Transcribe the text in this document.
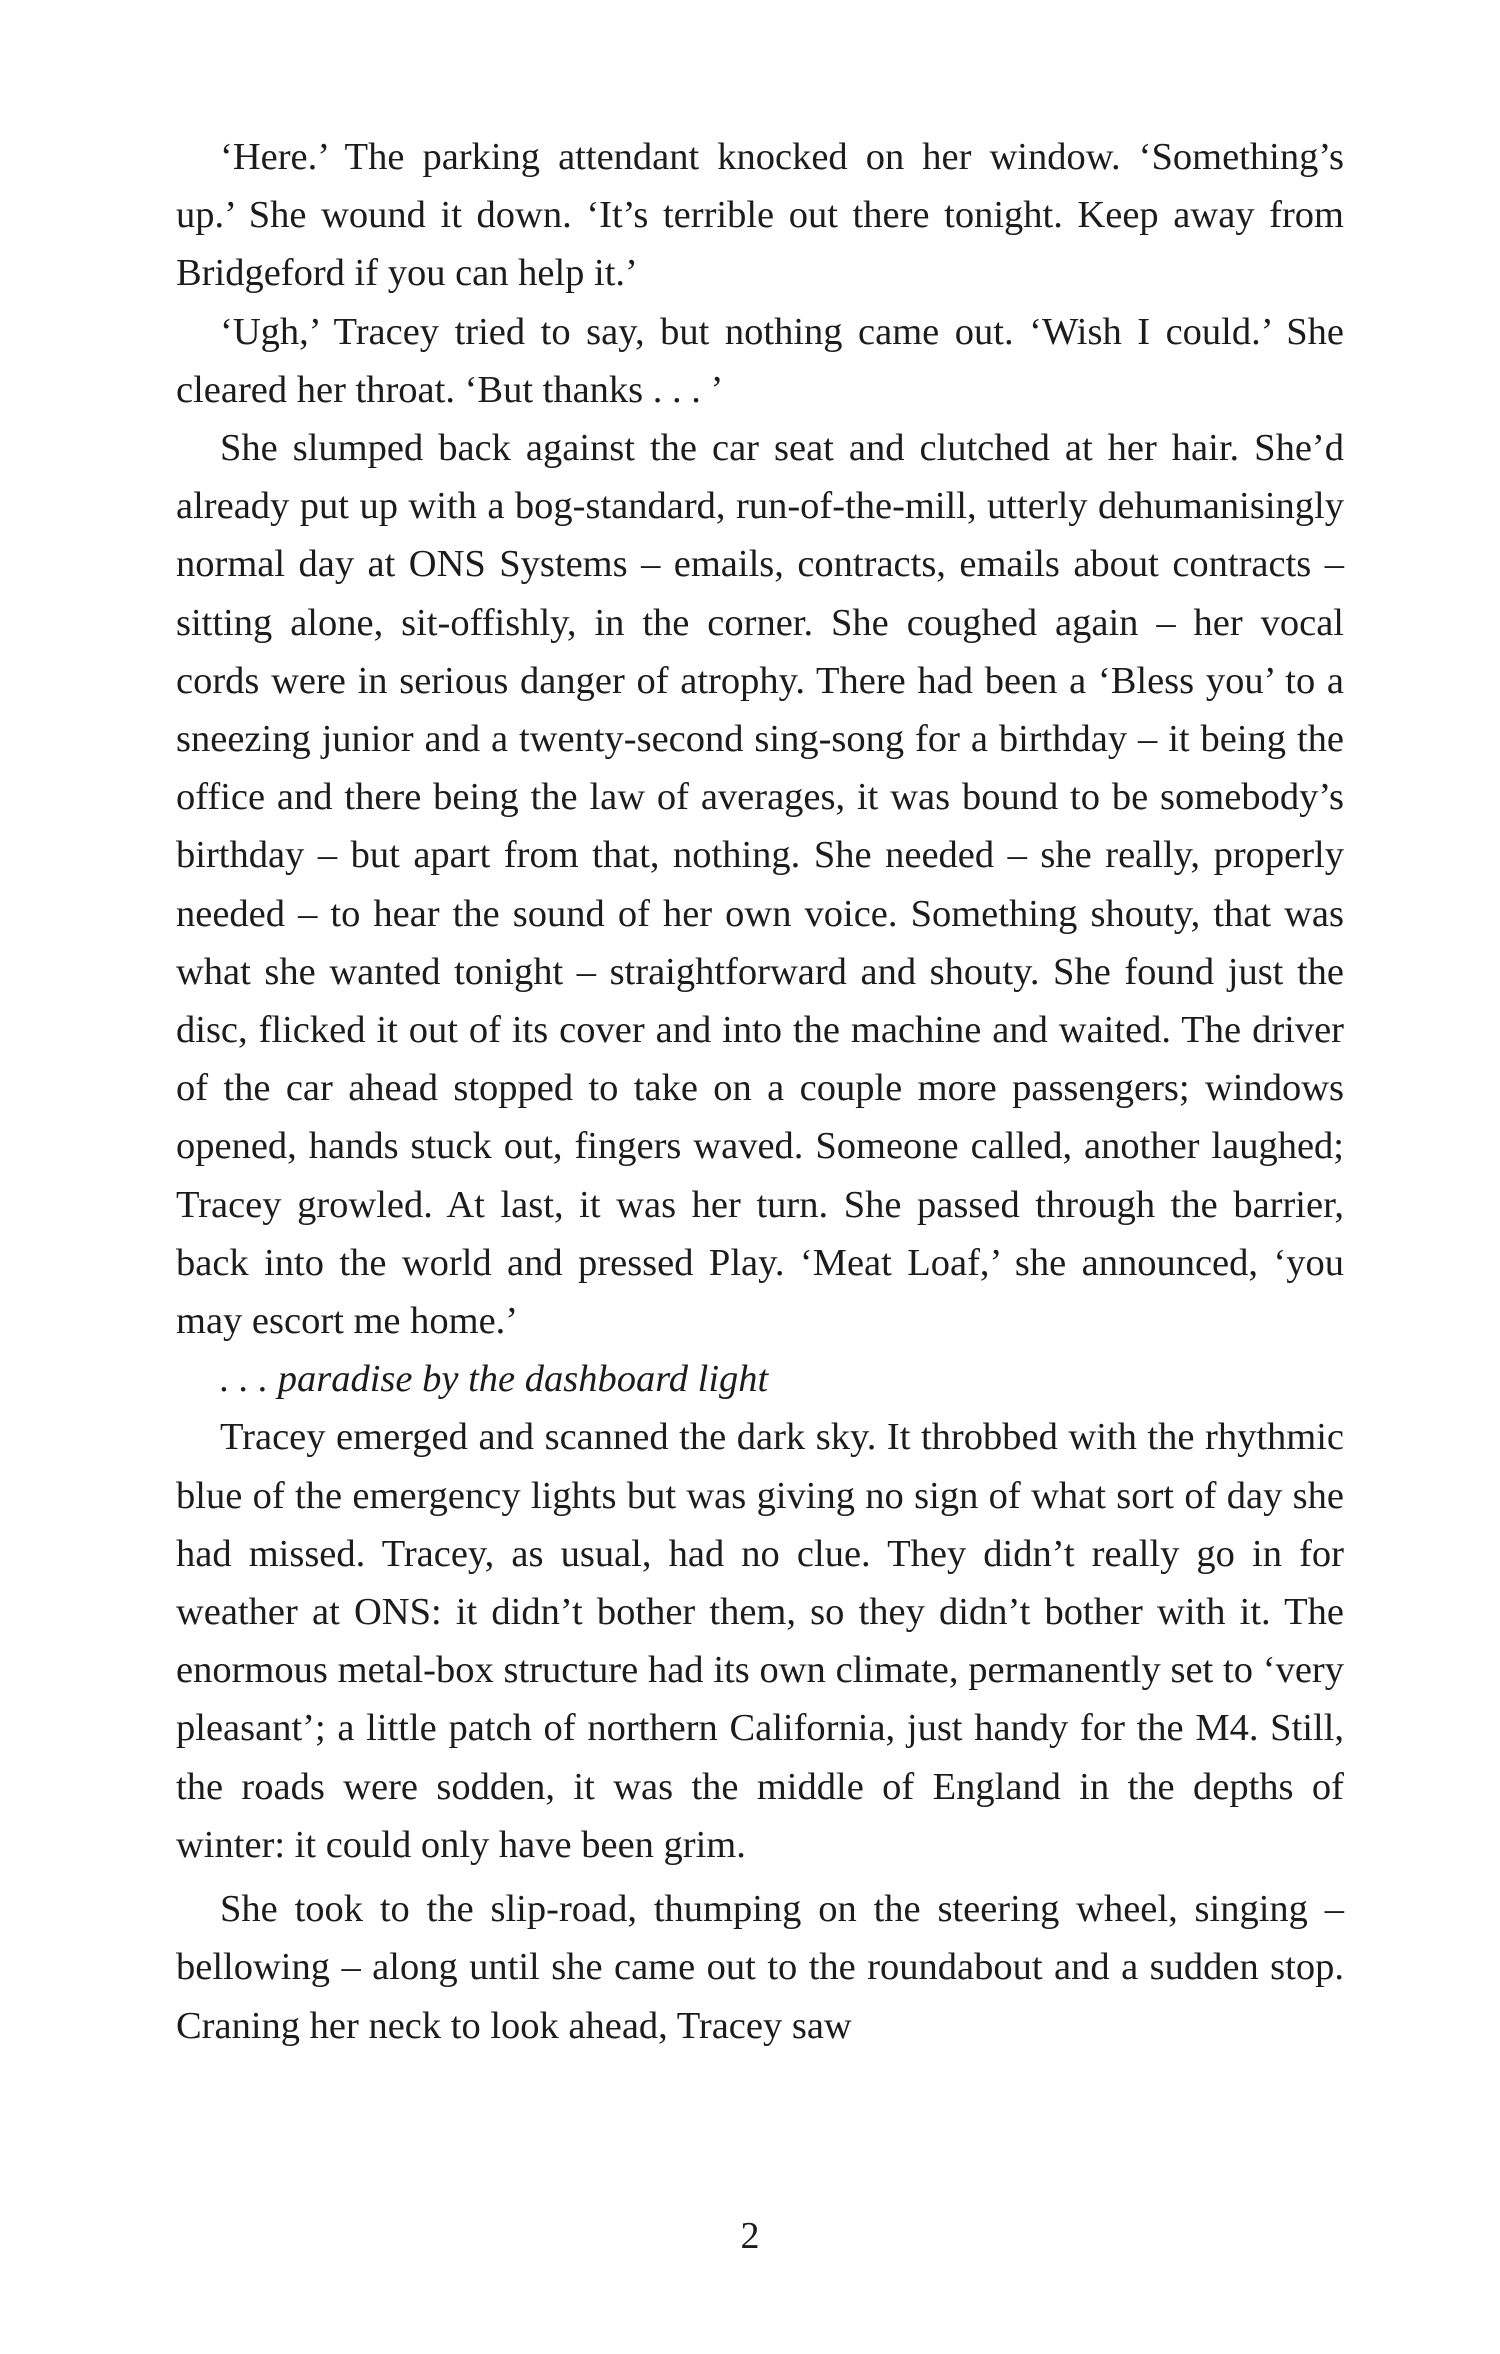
‘Here.’ The parking attendant knocked on her window. ‘Something’s up.’ She wound it down. ‘It’s terrible out there tonight. Keep away from Bridgeford if you can help it.’

‘Ugh,’ Tracey tried to say, but nothing came out. ‘Wish I could.’ She cleared her throat. ‘But thanks . . . ’

She slumped back against the car seat and clutched at her hair. She’d already put up with a bog-standard, run-of-the-mill, utterly dehumanisingly normal day at ONS Systems – emails, contracts, emails about contracts – sitting alone, sit-offishly, in the corner. She coughed again – her vocal cords were in serious danger of atrophy. There had been a ‘Bless you’ to a sneezing junior and a twenty-second sing-song for a birthday – it being the office and there being the law of averages, it was bound to be somebody’s birthday – but apart from that, nothing. She needed – she really, properly needed – to hear the sound of her own voice. Something shouty, that was what she wanted tonight – straightforward and shouty. She found just the disc, flicked it out of its cover and into the machine and waited. The driver of the car ahead stopped to take on a couple more passengers; windows opened, hands stuck out, fingers waved. Someone called, another laughed; Tracey growled. At last, it was her turn. She passed through the barrier, back into the world and pressed Play. ‘Meat Loaf,’ she announced, ‘you may escort me home.’

. . . paradise by the dashboard light

Tracey emerged and scanned the dark sky. It throbbed with the rhythmic blue of the emergency lights but was giving no sign of what sort of day she had missed. Tracey, as usual, had no clue. They didn’t really go in for weather at ONS: it didn’t bother them, so they didn’t bother with it. The enormous metal-box structure had its own climate, permanently set to ‘very pleasant’; a little patch of northern California, just handy for the M4. Still, the roads were sodden, it was the middle of England in the depths of winter: it could only have been grim.

She took to the slip-road, thumping on the steering wheel, singing – bellowing – along until she came out to the roundabout and a sudden stop. Craning her neck to look ahead, Tracey saw

2
